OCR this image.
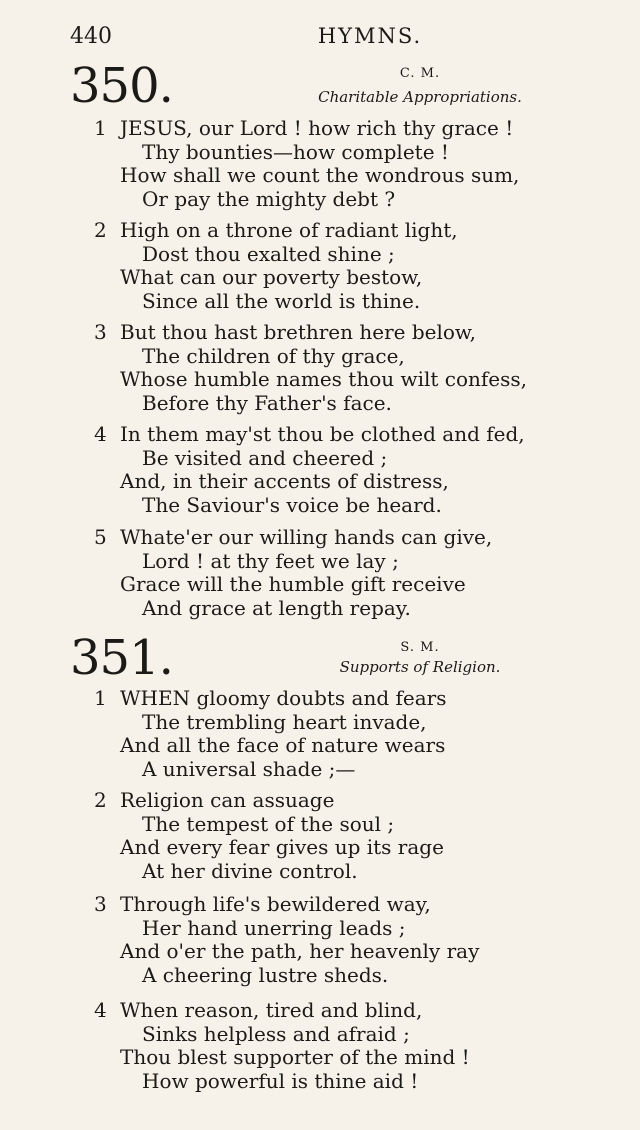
440	HYMNS.
350.	C. M.
Charitable Appropriations.
1 JESUS, our Lord ! how rich thy grace !
Thy bounties—how complete !
How shall we count the wondrous sum,
Or pay the mighty debt ?
2 High on a throne of radiant light,
Dost thou exalted shine ;
What can our poverty bestow,
Since all the world is thine.
3 But thou hast brethren here below,
The children of thy grace,
Whose humble names thou wilt confess,
Before thy Father's face.
4 In them may'st thou be clothed and fed,
Be visited and cheered ;
And, in their accents of distress,
The Saviour's voice be heard.
5 Whate'er our willing hands can give,
Lord ! at thy feet we lay ;
Grace will the humble gift receive
And grace at length repay.
351.	S. M.
Supports of Religion.
1 WHEN gloomy doubts and fears
The trembling heart invade,
And all the face of nature wears
A universal shade ;—
2 Religion can assuage
The tempest of the soul ;
And every fear gives up its rage
At her divine control.
3 Through life's bewildered way,
Her hand unerring leads ;
And o'er the path, her heavenly ray
A cheering lustre sheds.
4 When reason, tired and blind,
Sinks helpless and afraid ;
Thou blest supporter of the mind !
How powerful is thine aid !
